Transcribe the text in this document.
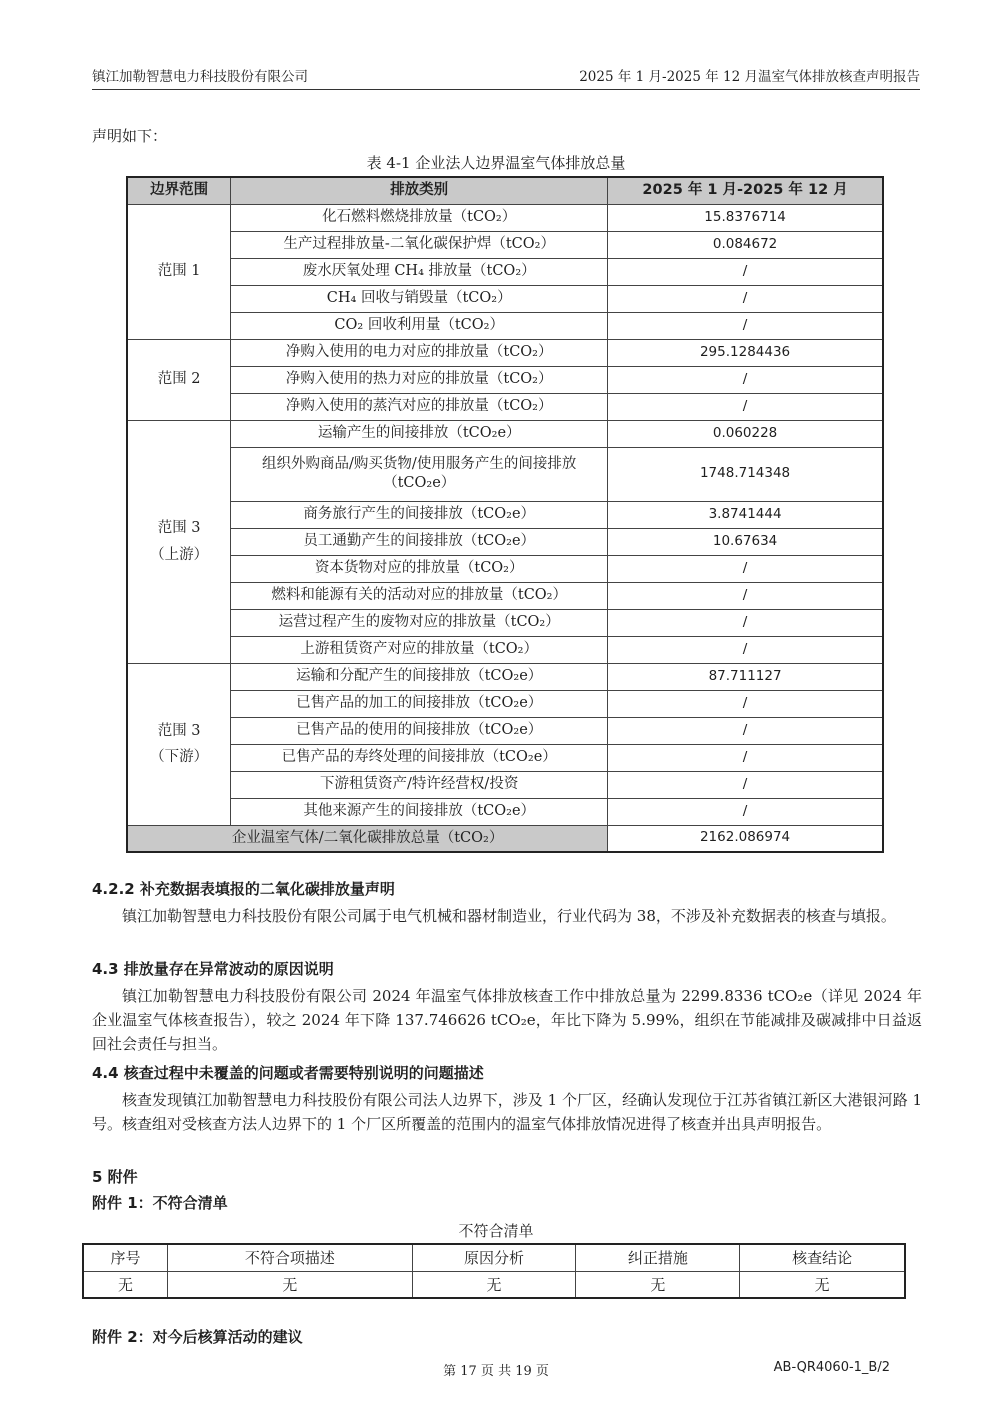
镇江加勒智慧电力科技股份有限公司	2025 年 1 月-2025 年 12 月温室气体排放核查声明报告
声明如下：
表 4-1 企业法人边界温室气体排放总量
边界范围	排放类别	2025 年 1 月-2025 年 12 月
范围 1	化石燃料燃烧排放量（tCO₂）	15.8376714
	生产过程排放量-二氧化碳保护焊（tCO₂）	0.084672
	废水厌氧处理 CH₄ 排放量（tCO₂）	/
	CH₄ 回收与销毁量（tCO₂）	/
	CO₂ 回收利用量（tCO₂）	/
范围 2	净购入使用的电力对应的排放量（tCO₂）	295.1284436
	净购入使用的热力对应的排放量（tCO₂）	/
	净购入使用的蒸汽对应的排放量（tCO₂）	/

范围 3
（上游）	运输产生的间接排放（tCO₂e）	0.060228
	组织外购商品/购买货物/使用服务产生的间接排放（tCO₂e）	1748.714348
	商务旅行产生的间接排放（tCO₂e）	3.8741444
	员工通勤产生的间接排放（tCO₂e）	10.67634
	资本货物对应的排放量（tCO₂）	/
	燃料和能源有关的活动对应的排放量（tCO₂）	/
	运营过程产生的废物对应的排放量（tCO₂）	/
	上游租赁资产对应的排放量（tCO₂）	/

范围 3
（下游）	运输和分配产生的间接排放（tCO₂e）	87.711127
	已售产品的加工的间接排放（tCO₂e）	/
	已售产品的使用的间接排放（tCO₂e）	/
	已售产品的寿终处理的间接排放（tCO₂e）	/
	下游租赁资产/特许经营权/投资	/
	其他来源产生的间接排放（tCO₂e）	/
企业温室气体/二氧化碳排放总量（tCO₂）		2162.086974
4.2.2 补充数据表填报的二氧化碳排放量声明
镇江加勒智慧电力科技股份有限公司属于电气机械和器材制造业，行业代码为 38，不涉及补充数据表的核查与填报。
4.3 排放量存在异常波动的原因说明
镇江加勒智慧电力科技股份有限公司 2024 年温室气体排放核查工作中排放总量为 2299.8336 tCO₂e（详见 2024 年企业温室气体核查报告），较之 2024 年下降 137.746626 tCO₂e，年比下降为 5.99%，组织在节能减排及碳减排中日益返回社会责任与担当。
4.4 核查过程中未覆盖的问题或者需要特别说明的问题描述
核查发现镇江加勒智慧电力科技股份有限公司法人边界下，涉及 1 个厂区，经确认发现位于江苏省镇江新区大港银河路 1 号。核查组对受核查方法人边界下的 1 个厂区所覆盖的范围内的温室气体排放情况进得了核查并出具声明报告。
5 附件
附件 1：不符合清单
不符合清单
序号	不符合项描述	原因分析	纠正措施	核查结论
无	无	无	无	无
附件 2：对今后核算活动的建议
第 17 页 共 19 页	AB-QR4060-1_B/2
